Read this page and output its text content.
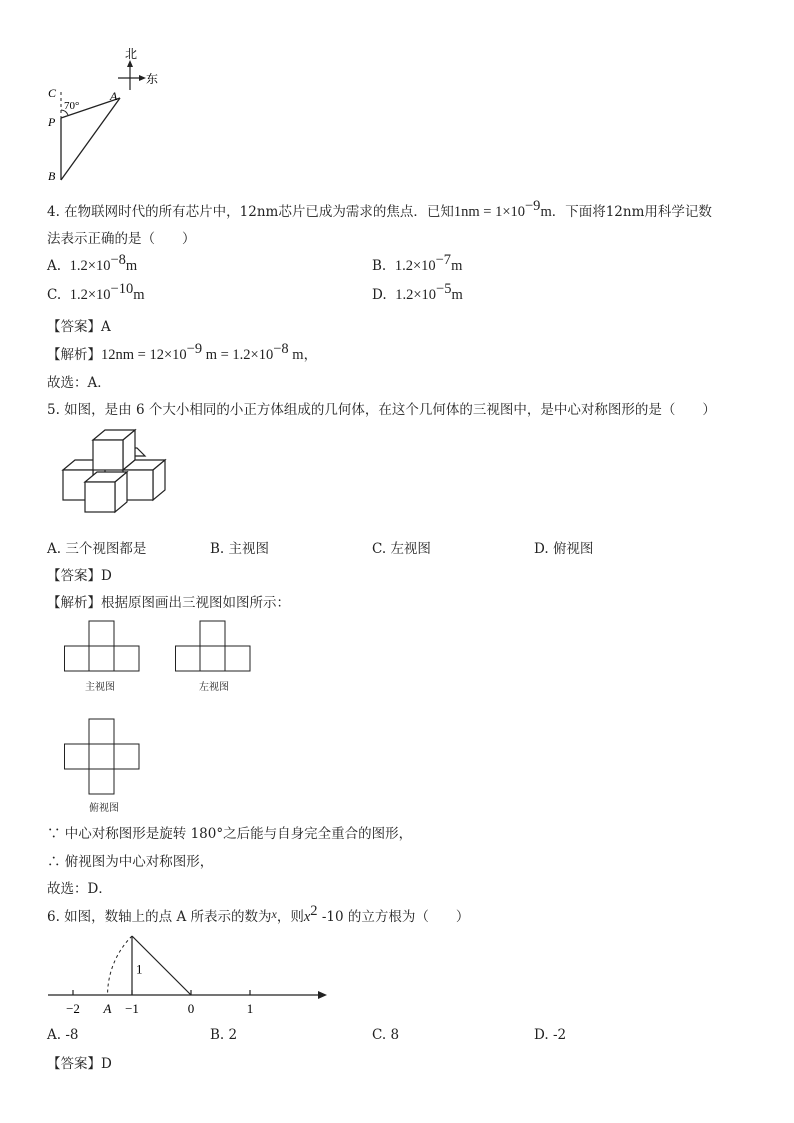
北
东
C	A
P
B
70°
4. 在物联网时代的所有芯片中，12nm芯片已成为需求的焦点．已知$1nm = 1\times 10^{-9}m$．下面将12nm用科学记数
法表示正确的是（　　）
A. $1.2\times 10^{-8}m$	B. $1.2\times 10^{-7}m$
C. $1.2\times 10^{-10}m$	D. $1.2\times 10^{-5}m$
【答案】A
【解析】$12nm = 12\times 10^{-9}$ $m = 1.2\times 10^{-8}$ m，
故选：A．
5. 如图，是由 6 个大小相同的小正方体组成的几何体，在这个几何体的三视图中，是中心对称图形的是（　　）
A. 三个视图都是	B. 主视图	C. 左视图	D. 俯视图
【答案】D
【解析】根据原图画出三视图如图所示：
主视图	左视图
俯视图
∵ 中心对称图形是旋转 180°之后能与自身完全重合的图形，
∴ 俯视图为中心对称图形，
故选：D．
6. 如图，数轴上的点 A 所表示的数为x，则$x^2$ -10 的立方根为（　　）
−2	−1	0	1
1
A
A. -8	B. 2	C. 8	D. -2
【答案】D
